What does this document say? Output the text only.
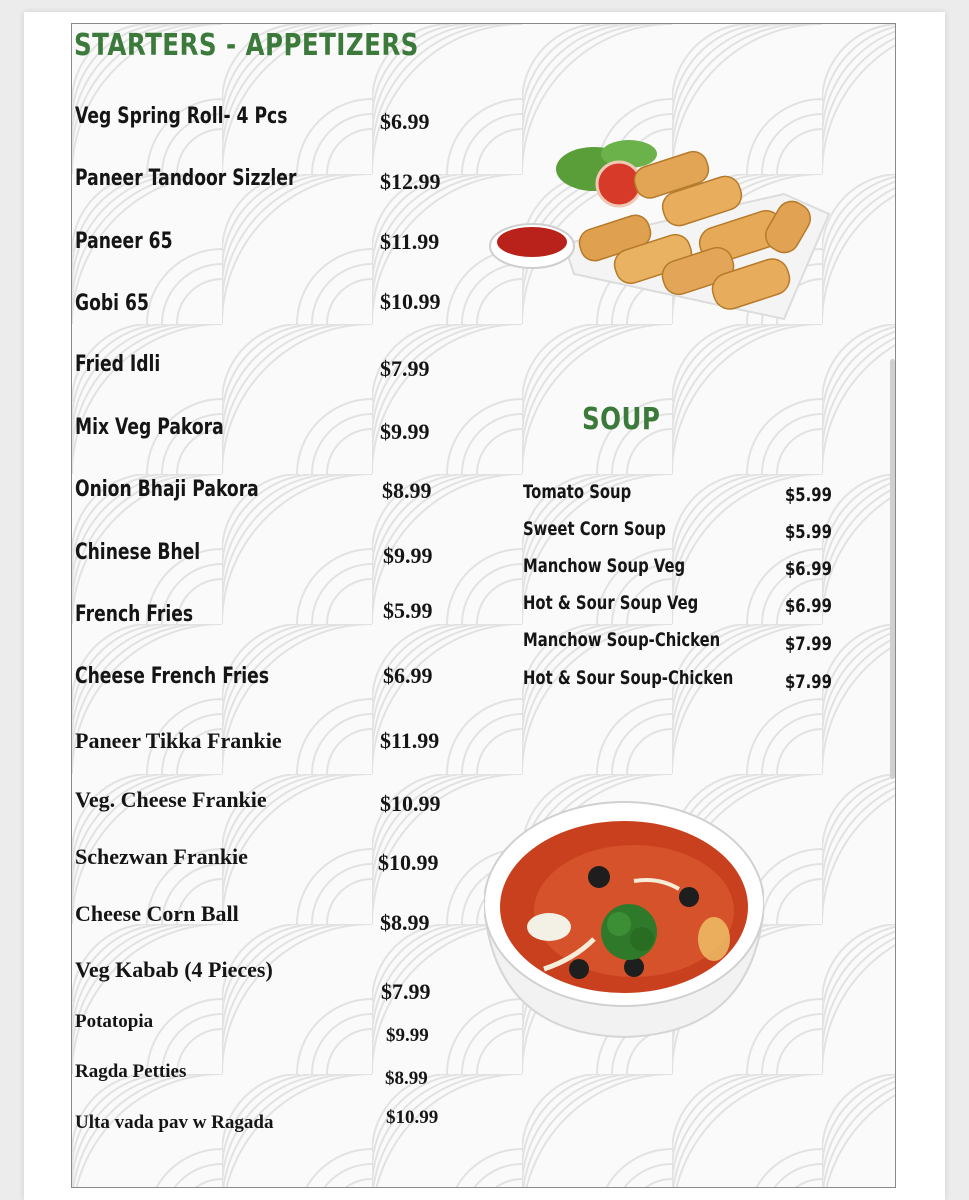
STARTERS - APPETIZERS
SOUP
Veg Spring Roll- 4 Pcs
Paneer Tandoor Sizzler
Paneer 65
Gobi 65
Fried Idli
Mix Veg Pakora
Onion Bhaji Pakora
Chinese Bhel
French Fries
Cheese French Fries
Paneer Tikka Frankie
Veg. Cheese Frankie
Schezwan Frankie
Cheese Corn Ball
Veg Kabab (4 Pieces)
Potatopia
Ragda Petties
Ulta vada pav w Ragada
$6.99
$12.99
$11.99
$10.99
$7.99
$9.99
$8.99
$9.99
$5.99
$6.99
$11.99
$10.99
$10.99
$8.99
$7.99
$9.99
$8.99
$10.99
Tomato Soup
Sweet Corn Soup
Manchow Soup Veg
Hot & Sour Soup Veg
Manchow Soup-Chicken
Hot & Sour Soup-Chicken
$5.99
$5.99
$6.99
$6.99
$7.99
$7.99
